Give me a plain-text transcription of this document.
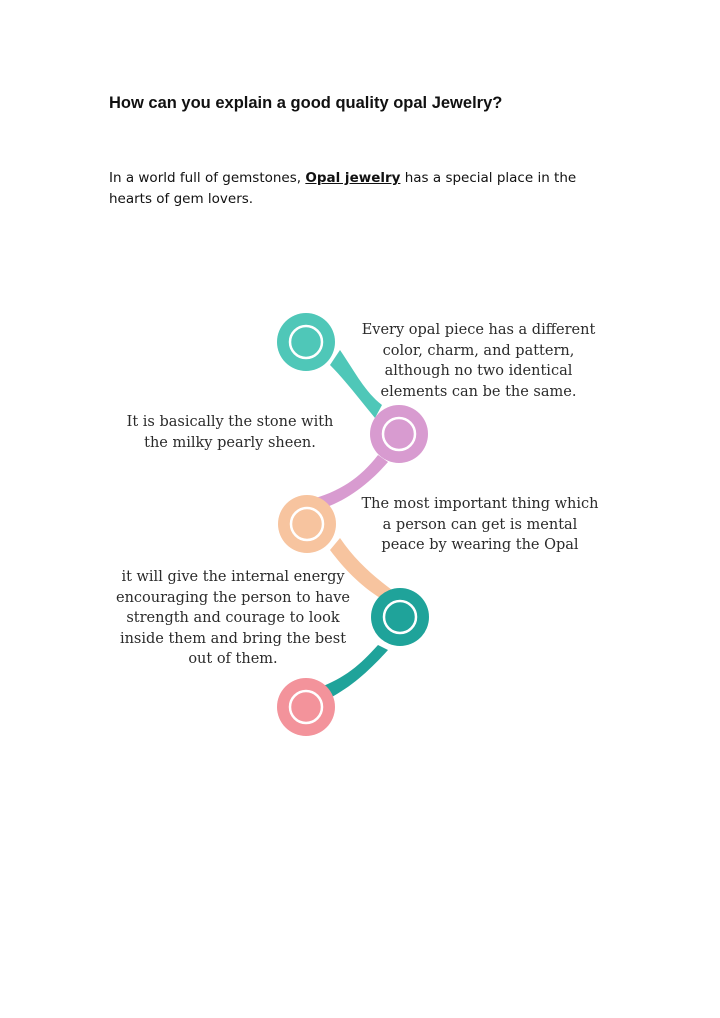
How can you explain a good quality opal Jewelry?

In a world full of gemstones, Opal jewelry has a special place in the hearts of gem lovers.

Every opal piece has a different color, charm, and pattern, although no two identical elements can be the same.

It is basically the stone with the milky pearly sheen.

The most important thing which a person can get is mental peace by wearing the Opal

it will give the internal energy encouraging the person to have strength and courage to look inside them and bring the best out of them.
